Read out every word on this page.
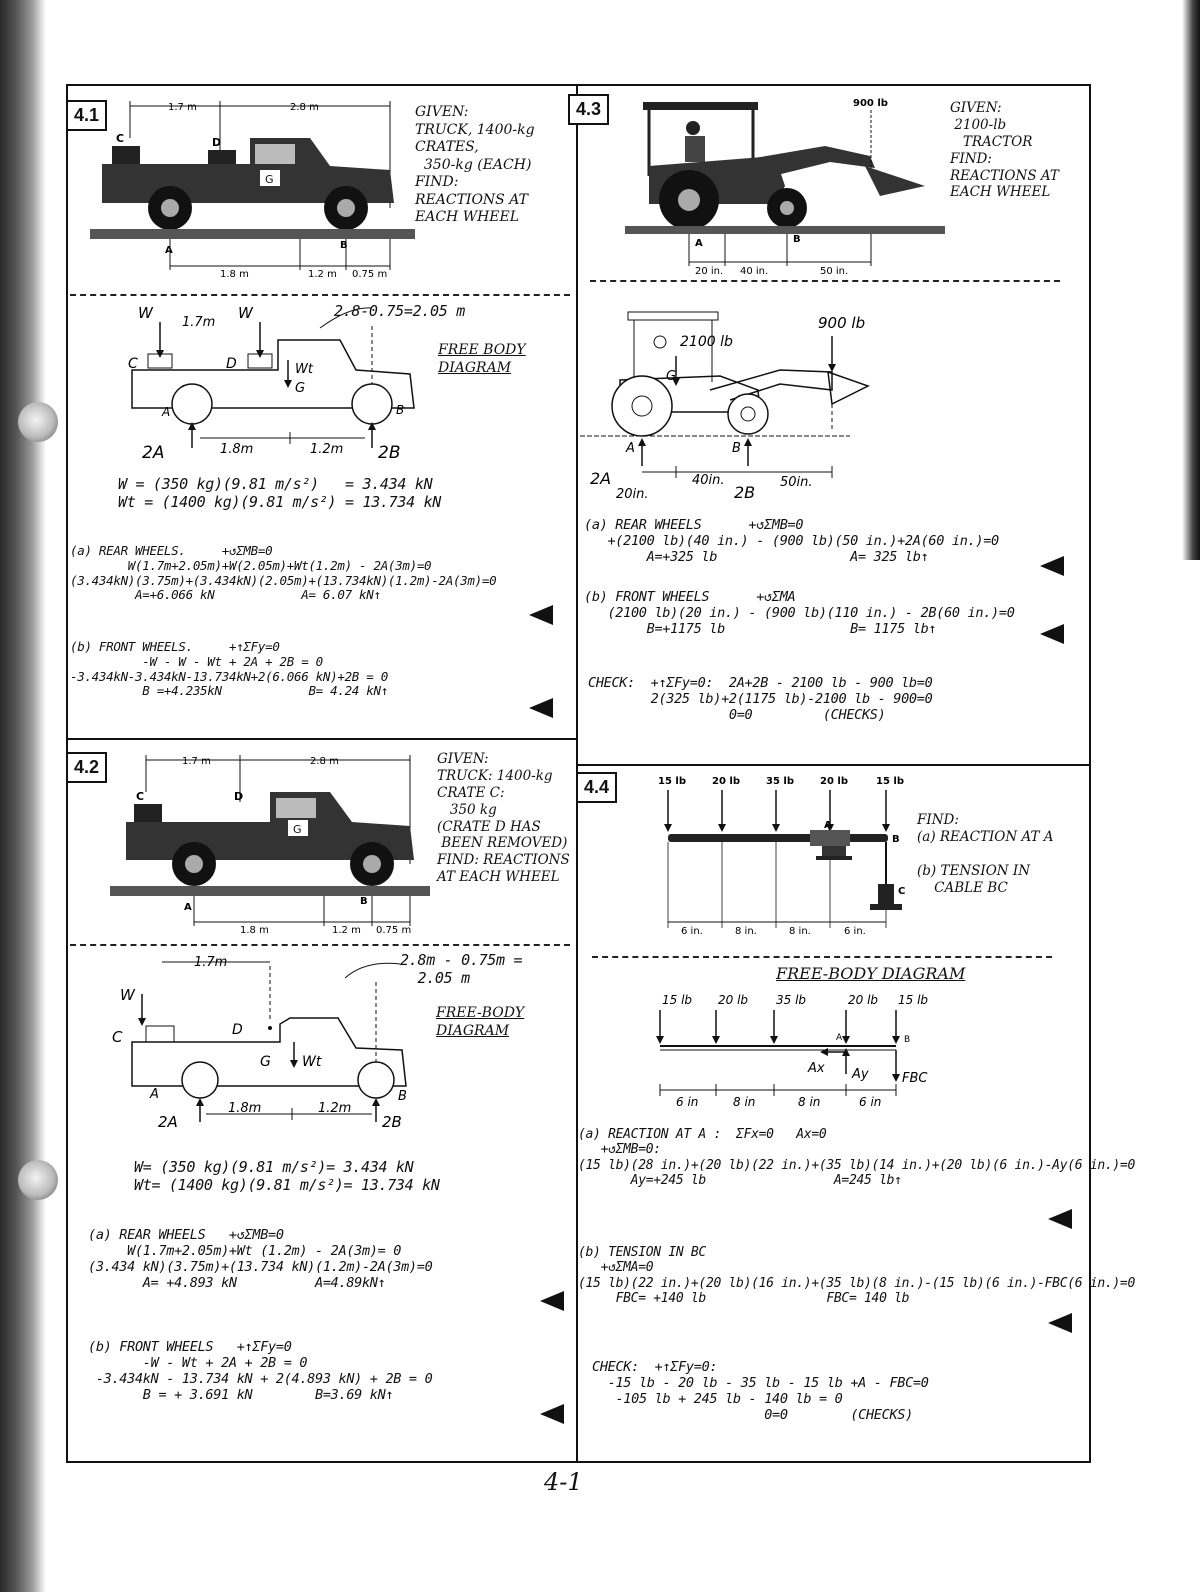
4.1	1.7 m	2.8 m
C	D
G
A	B
1.8 m	1.2 m 0.75 m
GIVEN:
TRUCK, 1400-kg
CRATES,
350-kg (EACH)
FIND:
REACTIONS AT
EACH WHEEL
W	W
1.7m
C	D	Wt
G
A	B
2A	2B
1.8m	1.2m
2.8-0.75=2.05 m
FREE BODY
DIAGRAM
W = (350 kg)(9.81 m/s²)   = 3.434 kN
Wt = (1400 kg)(9.81 m/s²) = 13.734 kN
(a) REAR WHEELS.     +↺ΣMB=0
W(1.7m+2.05m)+W(2.05m)+Wt(1.2m) - 2A(3m)=0
(3.434kN)(3.75m)+(3.434kN)(2.05m)+(13.734kN)(1.2m)-2A(3m)=0
A=+6.066 kN            A= 6.07 kN↑
(b) FRONT WHEELS.     +↑ΣFy=0
-W - W - Wt + 2A + 2B = 0
-3.434kN-3.434kN-13.734kN+2(6.066 kN)+2B = 0
B =+4.235kN            B= 4.24 kN↑
4.2	1.7 m	2.8 m
C	D
G
A
B
1.8 m	1.2 m 0.75 m
GIVEN:
TRUCK: 1400-kg
CRATE C:
350 kg
(CRATE D HAS
BEEN REMOVED)
FIND: REACTIONS
AT EACH WHEEL
1.7m
W
C	D
G Wt
A	B
2A	2B
1.8m	1.2m
2.8m - 0.75m =
2.05 m
FREE-BODY
DIAGRAM
W= (350 kg)(9.81 m/s²)= 3.434 kN
Wt= (1400 kg)(9.81 m/s²)= 13.734 kN
(a) REAR WHEELS   +↺ΣMB=0
W(1.7m+2.05m)+Wt (1.2m) - 2A(3m)= 0
(3.434 kN)(3.75m)+(13.734 kN)(1.2m)-2A(3m)=0
A= +4.893 kN          A=4.89kN↑
(b) FRONT WHEELS   +↑ΣFy=0
-W - Wt + 2A + 2B = 0
-3.434kN - 13.734 kN + 2(4.893 kN) + 2B = 0
B = + 3.691 kN        B=3.69 kN↑
4.3	900 lb
A	B
20 in. 40 in.	50 in.
GIVEN:
2100-lb
TRACTOR
FIND:
REACTIONS AT
EACH WHEEL
900 lb
2100 lb
G
A	B
2A
20in.
40in.
2B
50in.
(a) REAR WHEELS      +↺ΣMB=0
+(2100 lb)(40 in.) - (900 lb)(50 in.)+2A(60 in.)=0
A=+325 lb                 A= 325 lb↑
(b) FRONT WHEELS      +↺ΣMA
(2100 lb)(20 in.) - (900 lb)(110 in.) - 2B(60 in.)=0
B=+1175 lb                B= 1175 lb↑
CHECK:  +↑ΣFy=0:  2A+2B - 2100 lb - 900 lb=0
2(325 lb)+2(1175 lb)-2100 lb - 900=0
0=0         (CHECKS)
4.4	15 lb	20 lb	35 lb	20 lb	15 lb
A
B
C
6 in.	8 in.	8 in.	6 in.
FIND:
(a) REACTION AT A

(b) TENSION IN
CABLE BC
FREE-BODY DIAGRAM
15 lb 20 lb 35 lb	20 lb 15 lb
Ax Ay
A	B
FBC
6 in	8 in	8 in	6 in
(a) REACTION AT A :  ΣFx=0   Ax=0
+↺ΣMB=0:
(15 lb)(28 in.)+(20 lb)(22 in.)+(35 lb)(14 in.)+(20 lb)(6 in.)-Ay(6 in.)=0
Ay=+245 lb                 A=245 lb↑
(b) TENSION IN BC
+↺ΣMA=0
(15 lb)(22 in.)+(20 lb)(16 in.)+(35 lb)(8 in.)-(15 lb)(6 in.)-FBC(6 in.)=0
FBC= +140 lb                FBC= 140 lb
CHECK:  +↑ΣFy=0:
-15 lb - 20 lb - 35 lb - 15 lb +A - FBC=0
-105 lb + 245 lb - 140 lb = 0
0=0        (CHECKS)
4-1
